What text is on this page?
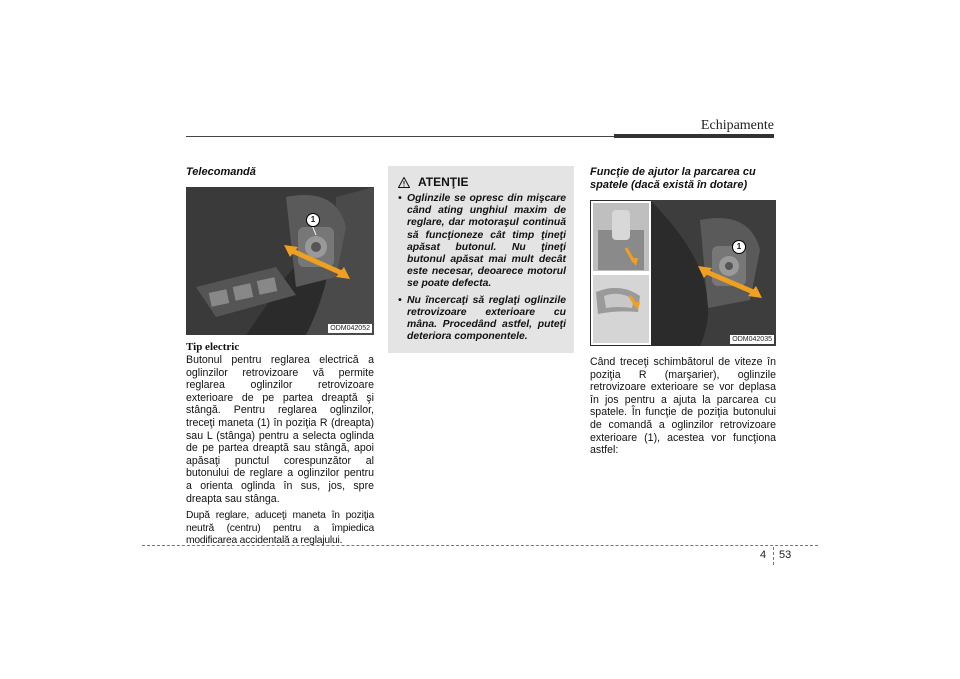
Echipamente
Telecomandă
1
ODM042052
Tip electric

Butonul pentru reglarea electrică a oglinzilor retrovizoare vă permite reglarea oglinzilor retrovizoare exterioare de pe partea dreaptă şi stângă. Pentru reglarea oglinzilor, treceţi maneta (1) în poziţia R (dreapta) sau L (stânga) pentru a selecta oglinda de pe partea dreaptă sau stângă, apoi apăsaţi punctul corespunzător al butonului de reglare a oglinzilor pentru a orienta oglinda în sus, jos, spre dreapta sau stânga.

După reglare, aduceţi maneta în poziţia neutră (centru) pentru a împiedica modificarea accidentală a reglajului.

ATENŢIE
• Oglinzile se opresc din mişcare când ating unghiul maxim de reglare, dar motoraşul continuă să funcţioneze cât timp ţineţi apăsat butonul. Nu ţineţi butonul apăsat mai mult decât este necesar, deoarece motorul se poate defecta.
• Nu încercaţi să reglaţi oglinzile retrovizoare exterioare cu mâna. Procedând astfel, puteţi deteriora componentele.
Funcţie de ajutor la parcarea cu spatele (dacă există în dotare)
1
ODM042035

Când treceţi schimbătorul de viteze în poziţia R (marşarier), oglinzile retrovizoare exterioare se vor deplasa în jos pentru a ajuta la parcarea cu spatele. În funcţie de poziţia butonului de comandă a oglinzilor retrovizoare exterioare (1), acestea vor funcţiona astfel:

4 53
